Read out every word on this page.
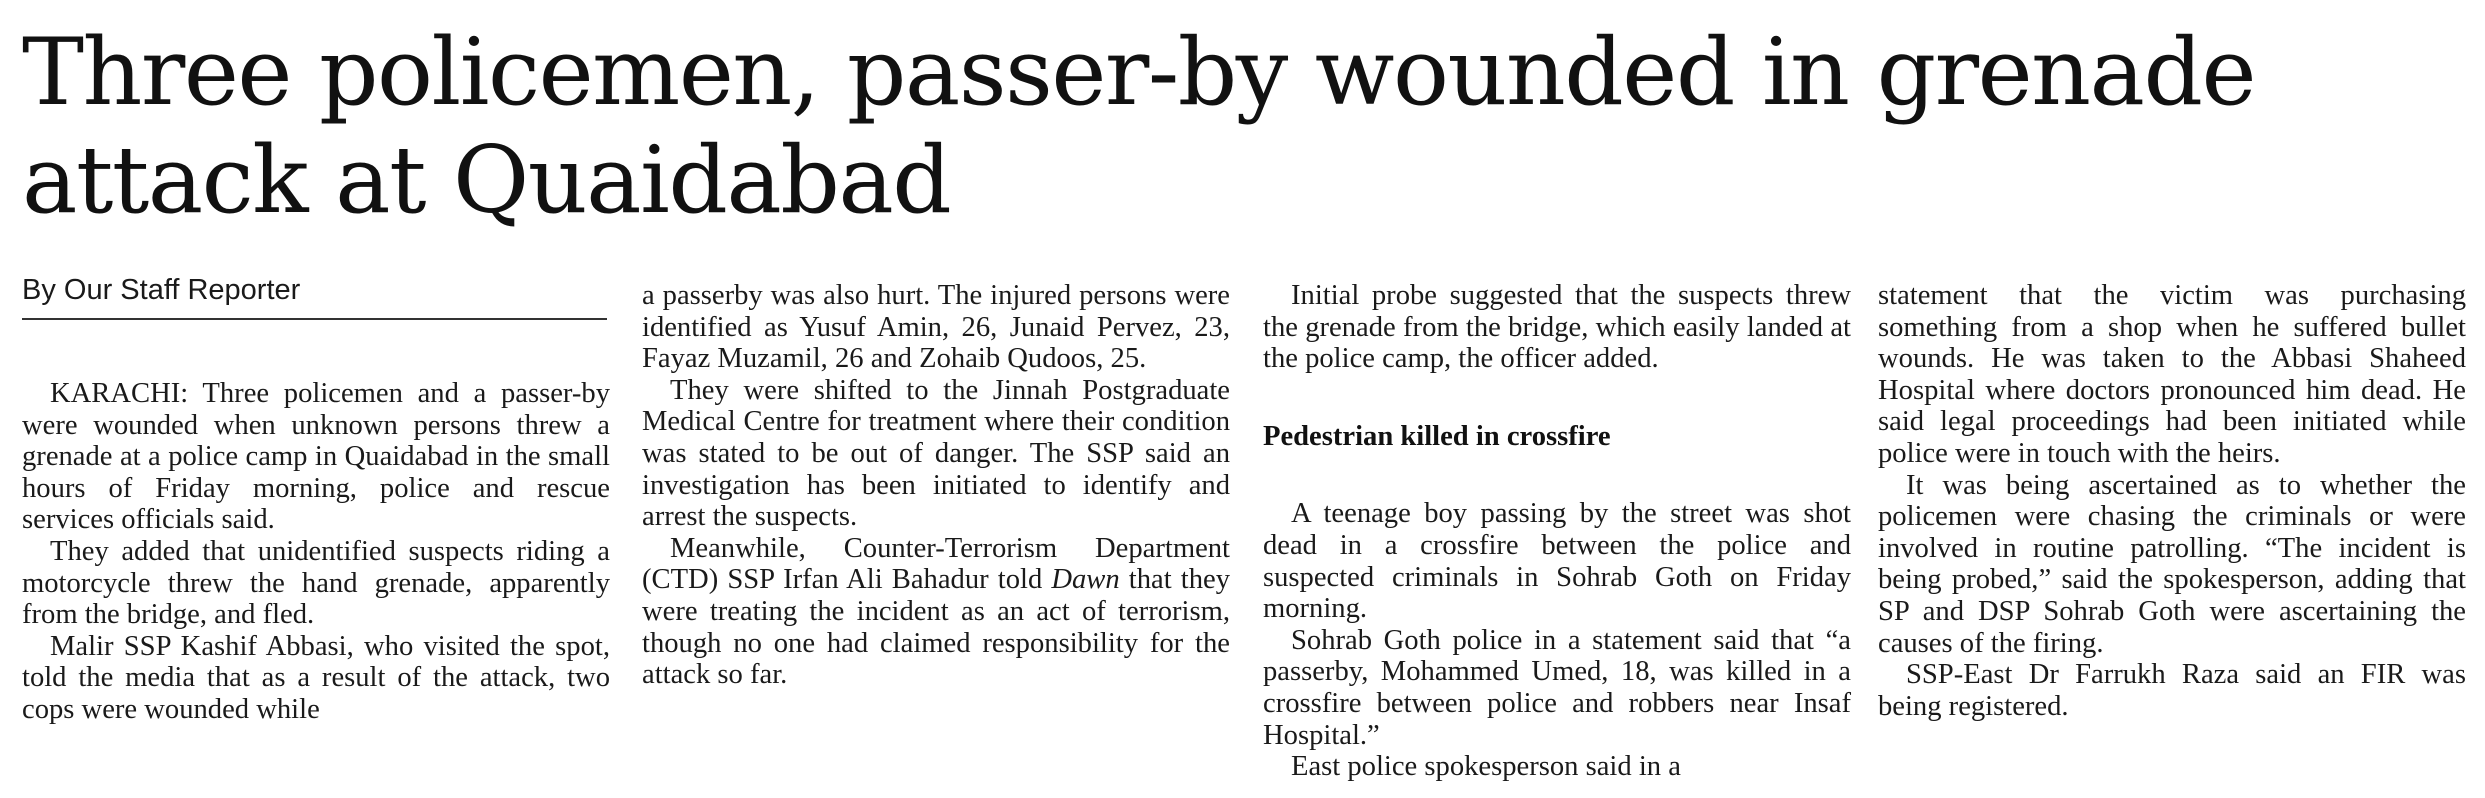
Three policemen, passer-by wounded in grenade attack at Quaidabad
By Our Staff Reporter

KARACHI: Three policemen and a passer-by were wounded when unknown persons threw a grenade at a police camp in Quaidabad in the small hours of Friday morning, police and rescue services officials said.

They added that unidentified suspects riding a motorcycle threw the hand grenade, apparently from the bridge, and fled.

Malir SSP Kashif Abbasi, who visited the spot, told the media that as a result of the attack, two cops were wounded while

a passerby was also hurt. The injured persons were identified as Yusuf Amin, 26, Junaid Pervez, 23, Fayaz Muzamil, 26 and Zohaib Qudoos, 25.

They were shifted to the Jinnah Postgraduate Medical Centre for treatment where their condition was stated to be out of danger. The SSP said an investigation has been initiated to identify and arrest the suspects.

Meanwhile, Counter-Terrorism Department (CTD) SSP Irfan Ali Bahadur told Dawn that they were treating the incident as an act of terrorism, though no one had claimed responsibility for the attack so far.

Initial probe suggested that the suspects threw the grenade from the bridge, which easily landed at the police camp, the officer added.

Pedestrian killed in crossfire

A teenage boy passing by the street was shot dead in a crossfire between the police and suspected criminals in Sohrab Goth on Friday morning.

Sohrab Goth police in a statement said that “a passerby, Mohammed Umed, 18, was killed in a crossfire between police and robbers near Insaf Hospital.”

East police spokesperson said in a

statement that the victim was purchasing something from a shop when he suffered bullet wounds. He was taken to the Abbasi Shaheed Hospital where doctors pronounced him dead. He said legal proceedings had been initiated while police were in touch with the heirs.

It was being ascertained as to whether the policemen were chasing the criminals or were involved in routine patrolling. “The incident is being probed,” said the spokesperson, adding that SP and DSP Sohrab Goth were ascertaining the causes of the firing.

SSP-East Dr Farrukh Raza said an FIR was being registered.
